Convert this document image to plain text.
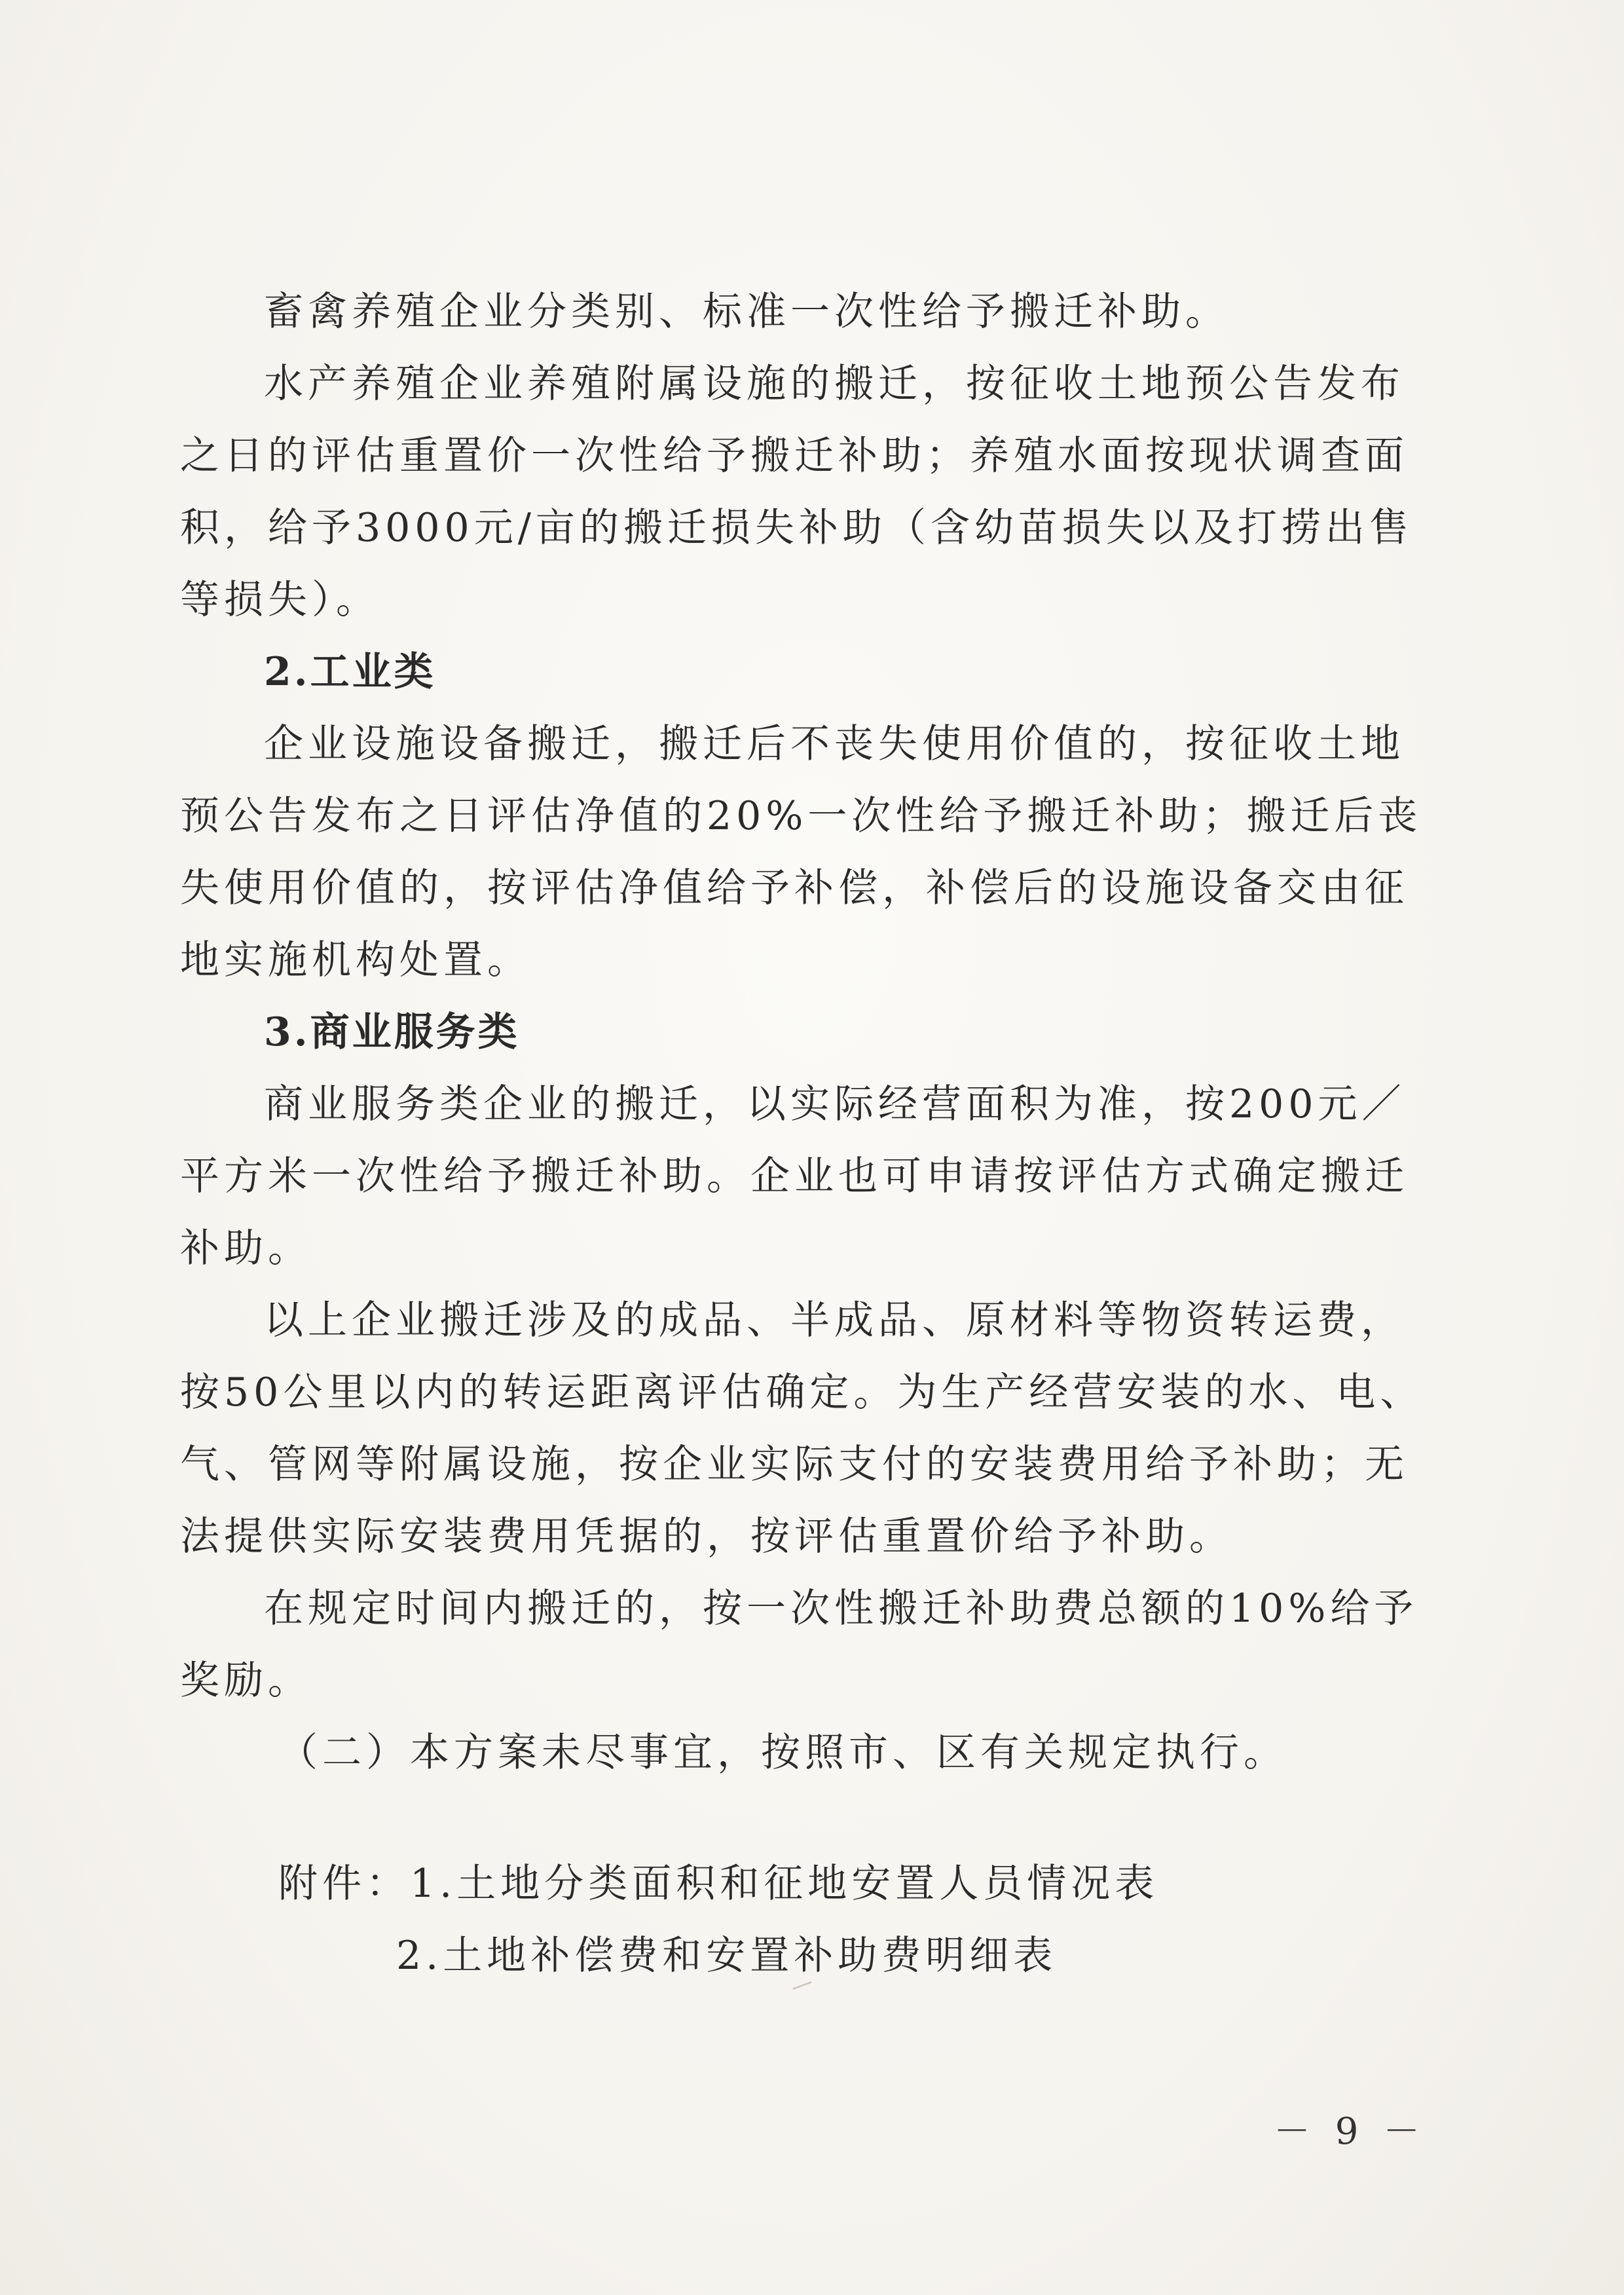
畜禽养殖企业分类别、标准一次性给予搬迁补助。

水产养殖企业养殖附属设施的搬迁，按征收土地预公告发布

之日的评估重置价一次性给予搬迁补助；养殖水面按现状调查面

积，给予3000元/亩的搬迁损失补助（含幼苗损失以及打捞出售

等损失）。

2.工业类

企业设施设备搬迁，搬迁后不丧失使用价值的，按征收土地

预公告发布之日评估净值的20%一次性给予搬迁补助；搬迁后丧

失使用价值的，按评估净值给予补偿，补偿后的设施设备交由征

地实施机构处置。

3.商业服务类

商业服务类企业的搬迁，以实际经营面积为准，按200元／

平方米一次性给予搬迁补助。企业也可申请按评估方式确定搬迁

补助。

以上企业搬迁涉及的成品、半成品、原材料等物资转运费，

按50公里以内的转运距离评估确定。为生产经营安装的水、电、

气、管网等附属设施，按企业实际支付的安装费用给予补助；无

法提供实际安装费用凭据的，按评估重置价给予补助。

在规定时间内搬迁的，按一次性搬迁补助费总额的10%给予

奖励。

（二）本方案未尽事宜，按照市、区有关规定执行。

附件：1.土地分类面积和征地安置人员情况表

2.土地补偿费和安置补助费明细表

－ 9 －
